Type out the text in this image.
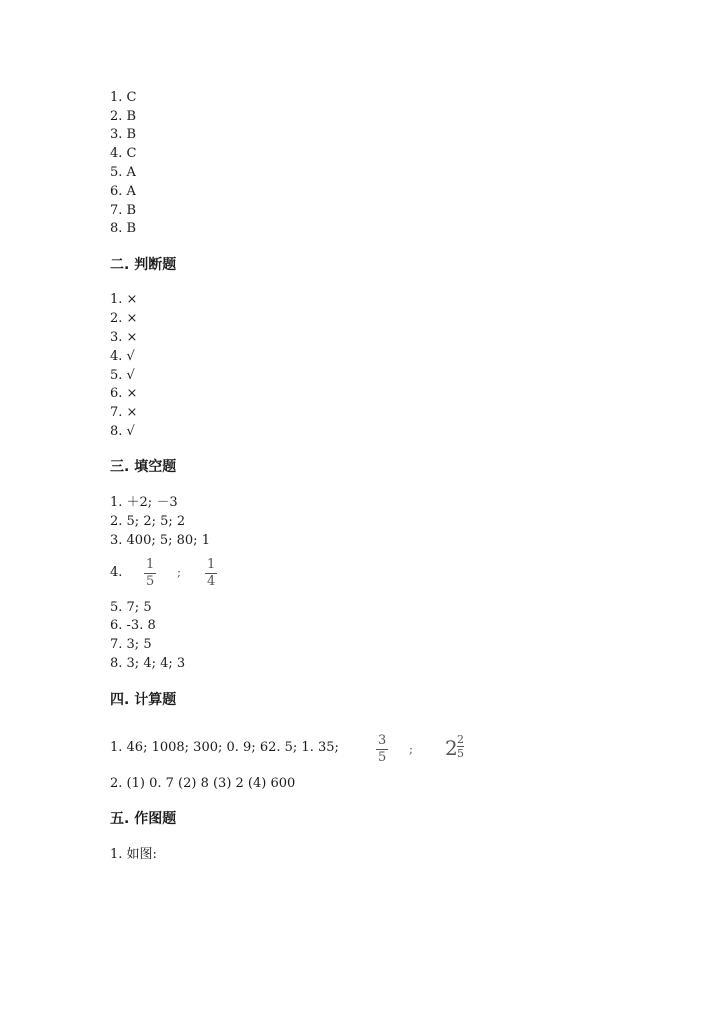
1. C
2. B
3. B
4. C
5. A
6. A
7. B
8. B
二. 判断题
1. ×
2. ×
3. ×
4. √
5. √
6. ×
7. ×
8. √
三. 填空题
1. ＋2; －3
2. 5; 2; 5; 2
3. 400; 5; 80; 1
4.
1
5
; 1
4
5. 7; 5
6. -3. 8
7. 3; 5
8. 3; 4; 4; 3
四. 计算题
1. 46; 1008; 300; 0. 9; 62. 5; 1. 35;	3
5
; 2 2
5
2. (1) 0. 7 (2) 8 (3) 2 (4) 600
五. 作图题
1. 如图:
